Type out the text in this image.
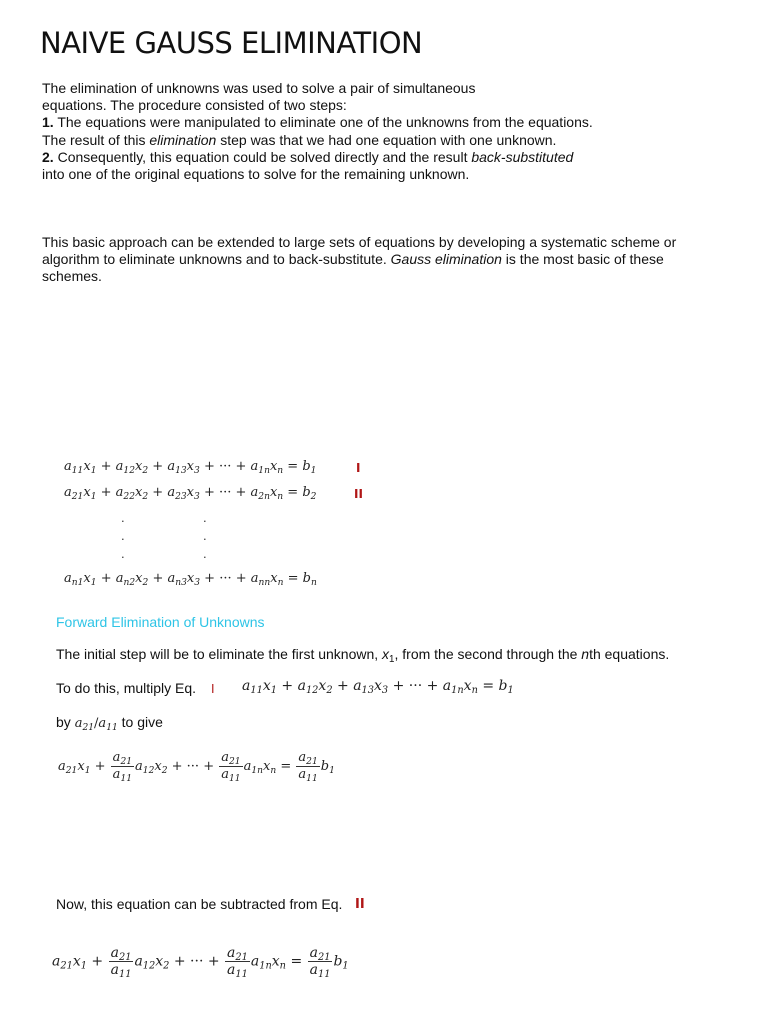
NAIVE GAUSS ELIMINATION
The elimination of unknowns was used to solve a pair of simultaneous
equations. The procedure consisted of two steps:
1. The equations were manipulated to eliminate one of the unknowns from the equations.
The result of this elimination step was that we had one equation with one unknown.
2. Consequently, this equation could be solved directly and the result back-substituted
into one of the original equations to solve for the remaining unknown.
This basic approach can be extended to large sets of equations by developing a systematic scheme or
algorithm to eliminate unknowns and to back-substitute. Gauss elimination is the most basic of these
schemes.
$a_{11}x_1 + a_{12}x_2 + a_{13}x_3$ + ··· + $a_{1n}x_n = b_1$	I
$a_{21}x_1 + a_{22}x_2 + a_{23}x_3$ + ··· + $a_{2n}x_n = b_2$	II
.	.
.	.
.	.
$a_{n1}x_1 + a_{n2}x_2 + a_{n3}x_3$ + ··· + $a_{nn}x_n = b_n$
Forward Elimination of Unknowns
The initial step will be to eliminate the first unknown, $x_1$, from the second through the nth equations.
To do this, multiply Eq. I $a_{11}x_1 + a_{12}x_2 + a_{13}x_3$ + ··· + $a_{1n}x_n = b_1$
by $a_{21}/a_{11}$ to give
$a_{21}x_1 + \frac{a_{21}}{a_{11}} a_{12}x_2$ + ··· + $\frac{a_{21}}{a_{11}} a_{1n}x_n = \frac{a_{21}}{a_{11}} b_1$
Now, this equation can be subtracted from Eq. II
$a_{21}x_1 + \frac{a_{21}}{a_{11}} a_{12}x_2$ + ··· + $\frac{a_{21}}{a_{11}} a_{1n}x_n = \frac{a_{21}}{a_{11}} b_1$
